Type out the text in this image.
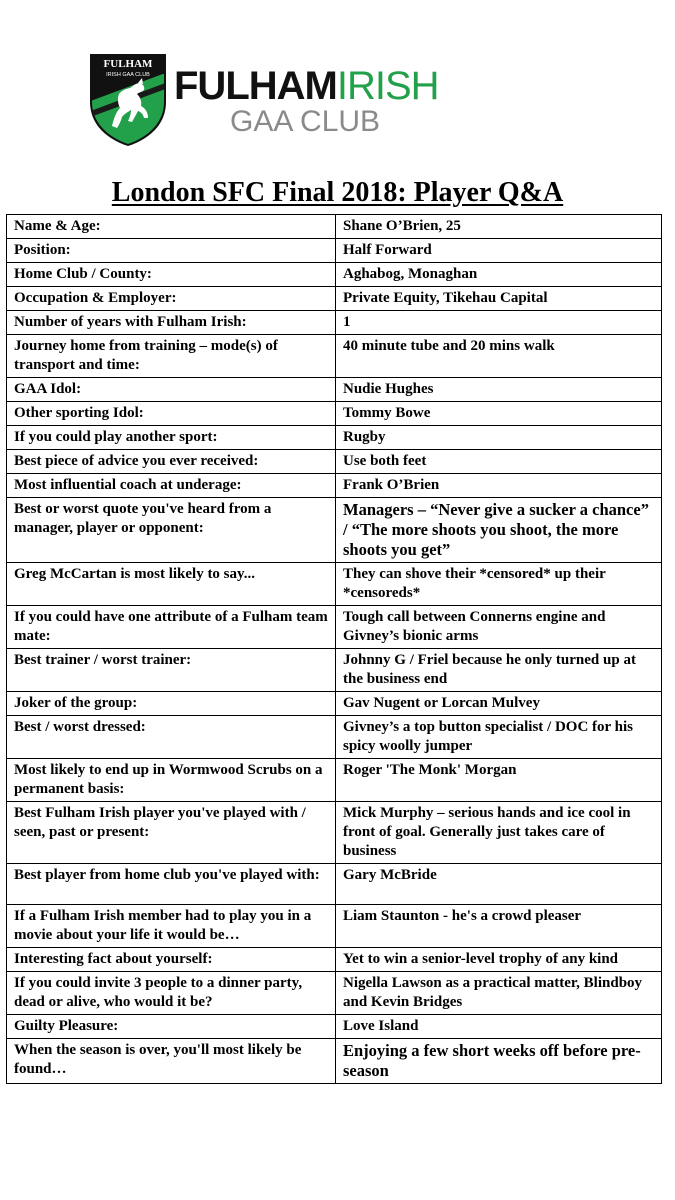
FULHAM
IRISH GAA CLUB FULHAMIRISH
GAA CLUB
London SFC Final 2018: Player Q&A
Name & Age:	Shane O’Brien, 25
Position:	Half Forward
Home Club / County:	Aghabog, Monaghan
Occupation & Employer:	Private Equity, Tikehau Capital
Number of years with Fulham Irish:	1
Journey home from training – mode(s) of transport and time:	40 minute tube and 20 mins walk
GAA Idol:	Nudie Hughes
Other sporting Idol:	Tommy Bowe
If you could play another sport:	Rugby
Best piece of advice you ever received:	Use both feet
Most influential coach at underage:	Frank O’Brien
Best or worst quote you've heard from a manager, player or opponent:	Managers – “Never give a sucker a chance” / “The more shoots you shoot, the more shoots you get”
Greg McCartan is most likely to say...	They can shove their *censored* up their *censoreds*
If you could have one attribute of a Fulham team mate:	Tough call between Connerns engine and Givney’s bionic arms
Best trainer / worst trainer:	Johnny G / Friel because he only turned up at the business end
Joker of the group:	Gav Nugent or Lorcan Mulvey
Best / worst dressed:	Givney’s a top button specialist / DOC for his spicy woolly jumper
Most likely to end up in Wormwood Scrubs on a permanent basis:	Roger 'The Monk' Morgan
Best Fulham Irish player you've played with / seen, past or present:	Mick Murphy – serious hands and ice cool in front of goal. Generally just takes care of business
Best player from home club you've played with:	Gary McBride
If a Fulham Irish member had to play you in a movie about your life it would be…	Liam Staunton - he's a crowd pleaser
Interesting fact about yourself:	Yet to win a senior-level trophy of any kind
If you could invite 3 people to a dinner party, dead or alive, who would it be?	Nigella Lawson as a practical matter, Blindboy and Kevin Bridges
Guilty Pleasure:	Love Island
When the season is over, you'll most likely be found…	Enjoying a few short weeks off before pre-season
